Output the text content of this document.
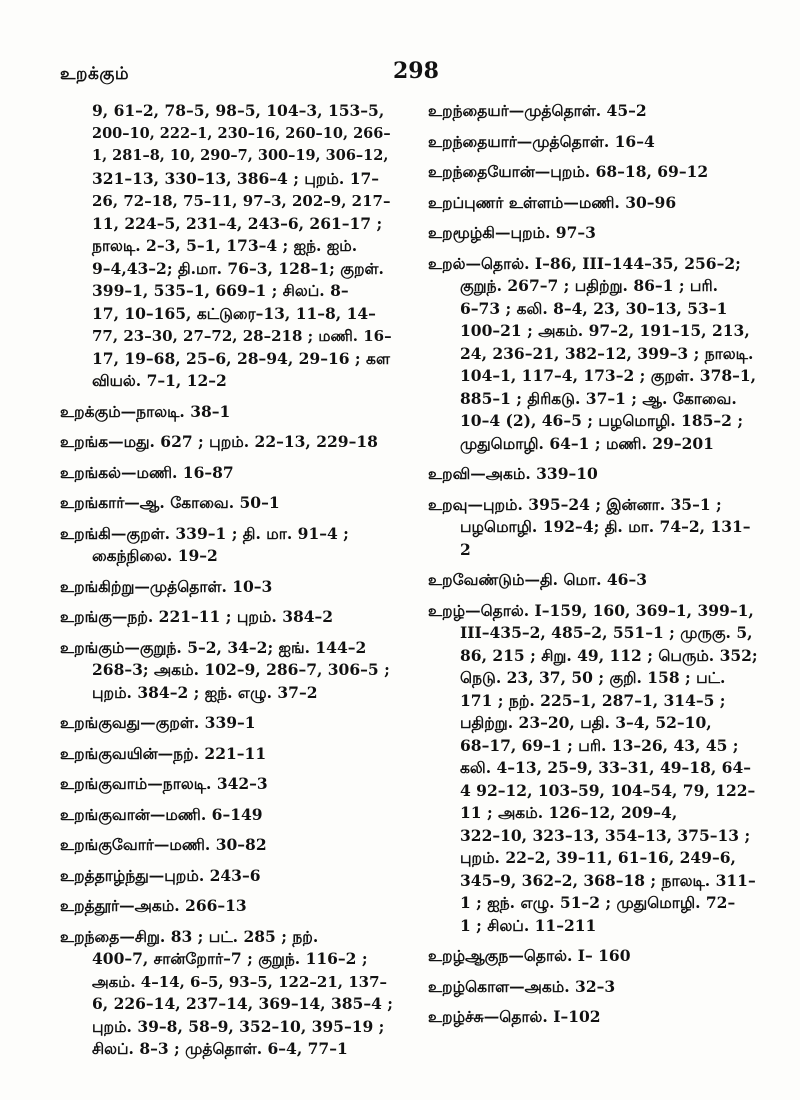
உறக்கும்	298
9, 61–2, 78–5, 98–5, 104–3, 153–5,
200–10, 222–1, 230–16, 260–10, 266–
1, 281–8, 10, 290–7, 300–19, 306–12,
321–13, 330–13, 386–4 ; புறம். 17–
26, 72–18, 75–11, 97–3, 202–9, 217–
11, 224–5, 231–4, 243–6, 261–17 ;
நாலடி. 2–3, 5–1, 173–4 ; ஐந். ஐம்.
9–4,43–2; தி.மா. 76–3, 128–1; குறள்.
399–1, 535–1, 669–1 ; சிலப். 8–
17, 10–165, கட்டுரை–13, 11–8, 14–
77, 23–30, 27–72, 28–218 ; மணி. 16–
17, 19–68, 25–6, 28–94, 29–16 ; கள
வியல். 7–1, 12–2
உறக்கும்—நாலடி. 38–1
உறங்க—மது. 627 ; புறம். 22–13, 229–18
உறங்கல்—மணி. 16–87
உறங்கார்—ஆ. கோவை. 50–1
உறங்கி—குறள். 339–1 ; தி. மா. 91–4 ;
கைந்நிலை. 19–2
உறங்கிற்று—முத்தொள். 10–3
உறங்கு—நற். 221–11 ; புறம். 384–2
உறங்கும்—குறுந். 5–2, 34–2; ஐங். 144–2
268–3; அகம். 102–9, 286–7, 306–5 ;
புறம். 384–2 ; ஐந். எழு. 37–2
உறங்குவது—குறள். 339–1
உறங்குவயின்—நற். 221–11
உறங்குவாம்—நாலடி. 342–3
உறங்குவான்—மணி. 6–149
உறங்குவோர்—மணி. 30–82
உறத்தாழ்ந்து—புறம். 243–6
உறத்தூர்—அகம். 266–13
உறந்தை—சிறு. 83 ; பட். 285 ; நற்.
400–7, சான்றோர்–7 ; குறுந். 116–2 ;
அகம். 4–14, 6–5, 93–5, 122–21, 137–
6, 226–14, 237–14, 369–14, 385–4 ;
புறம். 39–8, 58–9, 352–10, 395–19 ;
சிலப். 8–3 ; முத்தொள். 6–4, 77–1
உறந்தையர்—முத்தொள். 45–2
உறந்தையார்—முத்தொள். 16–4
உறந்தையோன்—புறம். 68–18, 69–12
உறப்புணர் உள்ளம்—மணி. 30–96
உறமூழ்கி—புறம். 97–3
உறல்—தொல். I–86, III–144–35, 256–2;
குறுந். 267–7 ; பதிற்று. 86–1 ; பரி.
6–73 ; கலி. 8–4, 23, 30–13, 53–1
100–21 ; அகம். 97–2, 191–15, 213,
24, 236–21, 382–12, 399–3 ; நாலடி.
104–1, 117–4, 173–2 ; குறள். 378–1,
885–1 ; திரிகடு. 37–1 ; ஆ. கோவை.
10–4 (2), 46–5 ; பழமொழி. 185–2 ;
முதுமொழி. 64–1 ; மணி. 29–201
உறவி—அகம். 339–10
உறவு—புறம். 395–24 ; இன்னா. 35–1 ;
பழமொழி. 192–4; தி. மா. 74–2, 131–
2
உறவேண்டும்—தி. மொ. 46–3
உறழ்—தொல். I–159, 160, 369–1, 399–1,
III–435–2, 485–2, 551–1 ; முருகு. 5,
86, 215 ; சிறு. 49, 112 ; பெரும். 352;
நெடு. 23, 37, 50 ; குறி. 158 ; பட்.
171 ; நற். 225–1, 287–1, 314–5 ;
பதிற்று. 23–20, பதி. 3–4, 52–10,
68–17, 69–1 ; பரி. 13–26, 43, 45 ;
கலி. 4–13, 25–9, 33–31, 49–18, 64–
4 92–12, 103–59, 104–54, 79, 122–
11 ; அகம். 126–12, 209–4,
322–10, 323–13, 354–13, 375–13 ;
புறம். 22–2, 39–11, 61–16, 249–6,
345–9, 362–2, 368–18 ; நாலடி. 311–
1 ; ஐந். எழு. 51–2 ; முதுமொழி. 72–
1 ; சிலப். 11–211
உறழ்ஆகுந—தொல். I– 160
உறழ்கொள—அகம். 32–3
உறழ்ச்சு—தொல். I–102
